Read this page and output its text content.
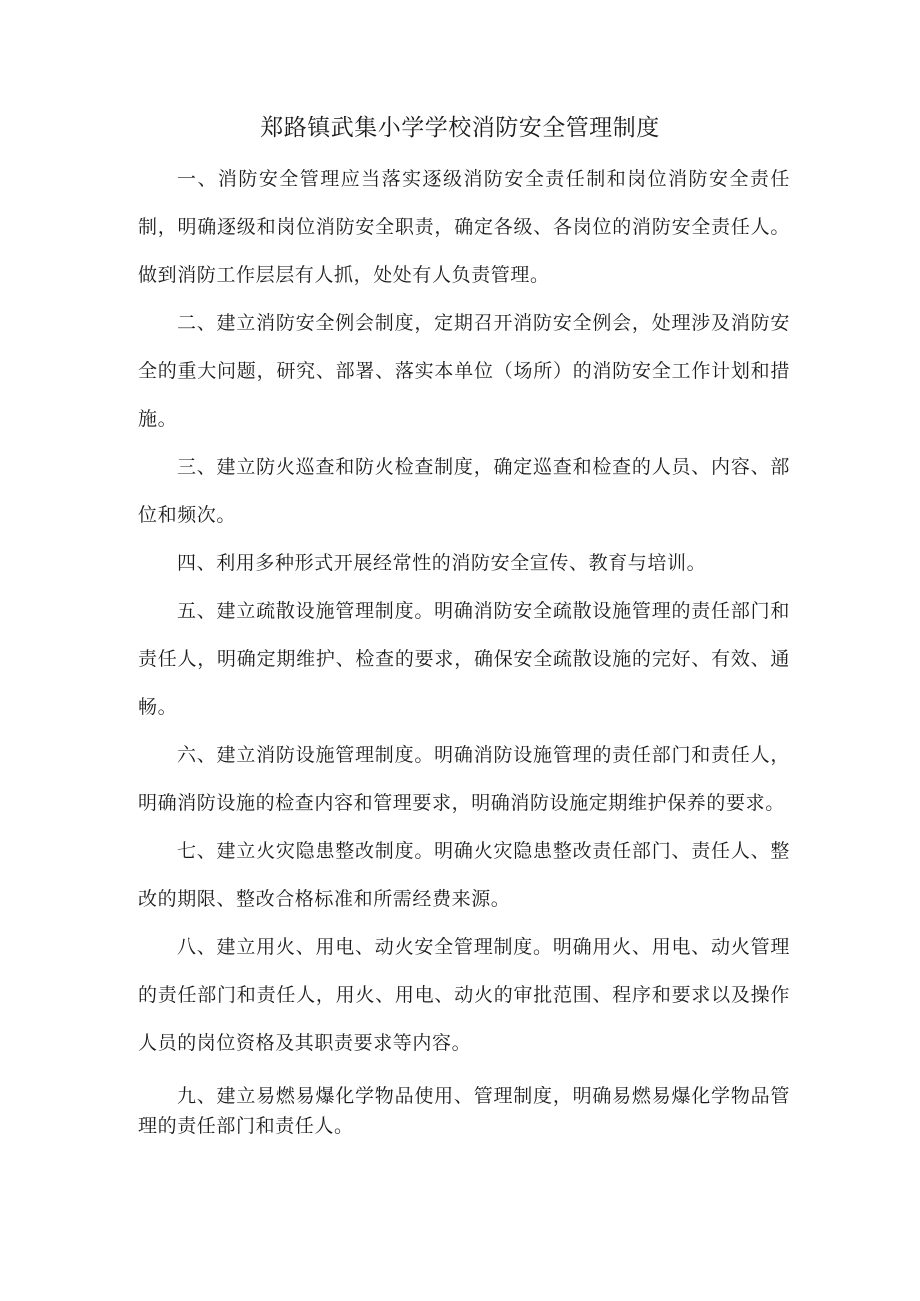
郑路镇武集小学学校消防安全管理制度

一、消防安全管理应当落实逐级消防安全责任制和岗位消防安全责任制，明确逐级和岗位消防安全职责，确定各级、各岗位的消防安全责任人。做到消防工作层层有人抓，处处有人负责管理。

二、建立消防安全例会制度，定期召开消防安全例会，处理涉及消防安全的重大问题，研究、部署、落实本单位（场所）的消防安全工作计划和措施。

三、建立防火巡查和防火检查制度，确定巡查和检查的人员、内容、部位和频次。

四、利用多种形式开展经常性的消防安全宣传、教育与培训。

五、建立疏散设施管理制度。明确消防安全疏散设施管理的责任部门和责任人，明确定期维护、检查的要求，确保安全疏散设施的完好、有效、通畅。

六、建立消防设施管理制度。明确消防设施管理的责任部门和责任人，明确消防设施的检查内容和管理要求，明确消防设施定期维护保养的要求。

七、建立火灾隐患整改制度。明确火灾隐患整改责任部门、责任人、整改的期限、整改合格标准和所需经费来源。

八、建立用火、用电、动火安全管理制度。明确用火、用电、动火管理的责任部门和责任人，用火、用电、动火的审批范围、程序和要求以及操作人员的岗位资格及其职责要求等内容。

九、建立易燃易爆化学物品使用、管理制度，明确易燃易爆化学物品管理的责任部门和责任人。
